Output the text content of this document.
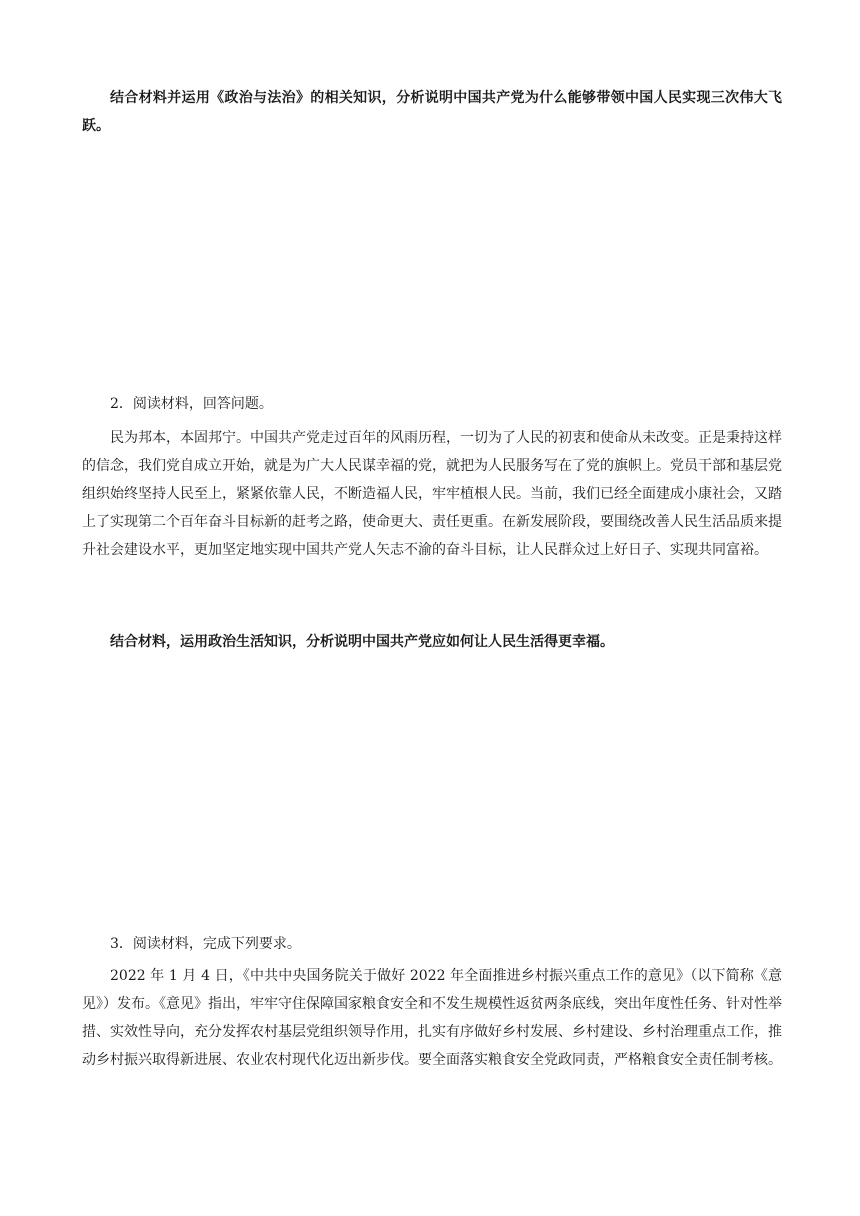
结合材料并运用《政治与法治》的相关知识，分析说明中国共产党为什么能够带领中国人民实现三次伟大飞跃。

2．阅读材料，回答问题。

民为邦本，本固邦宁。中国共产党走过百年的风雨历程，一切为了人民的初衷和使命从未改变。正是秉持这样的信念，我们党自成立开始，就是为广大人民谋幸福的党，就把为人民服务写在了党的旗帜上。党员干部和基层党组织始终坚持人民至上，紧紧依靠人民，不断造福人民，牢牢植根人民。当前，我们已经全面建成小康社会，又踏上了实现第二个百年奋斗目标新的赶考之路，使命更大、责任更重。在新发展阶段，要围绕改善人民生活品质来提升社会建设水平，更加坚定地实现中国共产党人矢志不渝的奋斗目标，让人民群众过上好日子、实现共同富裕。

结合材料，运用政治生活知识，分析说明中国共产党应如何让人民生活得更幸福。

3．阅读材料，完成下列要求。

2022 年 1 月 4 日，《中共中央国务院关于做好 2022 年全面推进乡村振兴重点工作的意见》（以下简称《意见》）发布。《意见》指出，牢牢守住保障国家粮食安全和不发生规模性返贫两条底线，突出年度性任务、针对性举措、实效性导向，充分发挥农村基层党组织领导作用，扎实有序做好乡村发展、乡村建设、乡村治理重点工作，推动乡村振兴取得新进展、农业农村现代化迈出新步伐。要全面落实粮食安全党政同责，严格粮食安全责任制考核。
